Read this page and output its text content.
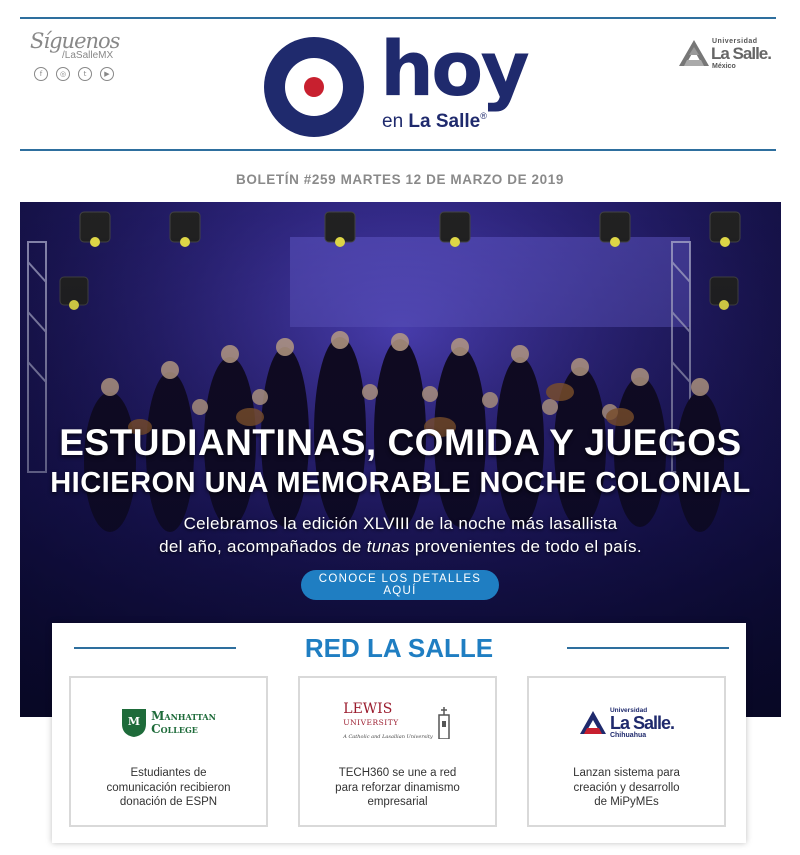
Síguenos
/LaSalleMX
f	◎	t	▶	hoy
en La Salle®
Universidad
La Salle.
México
BOLETÍN #259 MARTES 12 DE MARZO DE 2019
ESTUDIANTINAS, COMIDA Y JUEGOS
HICIERON UNA MEMORABLE NOCHE COLONIAL
Celebramos la edición XLVIII de la noche más lasallista
del año, acompañados de tunas provenientes de todo el país.
CONOCE LOS DETALLES AQUÍ
RED LA SALLE
M Manhattan
College
Estudiantes de
comunicación recibieron
donación de ESPN
LEWIS
UNIVERSITY
A Catholic and Lasallian University
TECH360 se une a red
para reforzar dinamismo
empresarial
Universidad
La Salle.
Chihuahua
Lanzan sistema para
creación y desarrollo
de MiPyMEs
